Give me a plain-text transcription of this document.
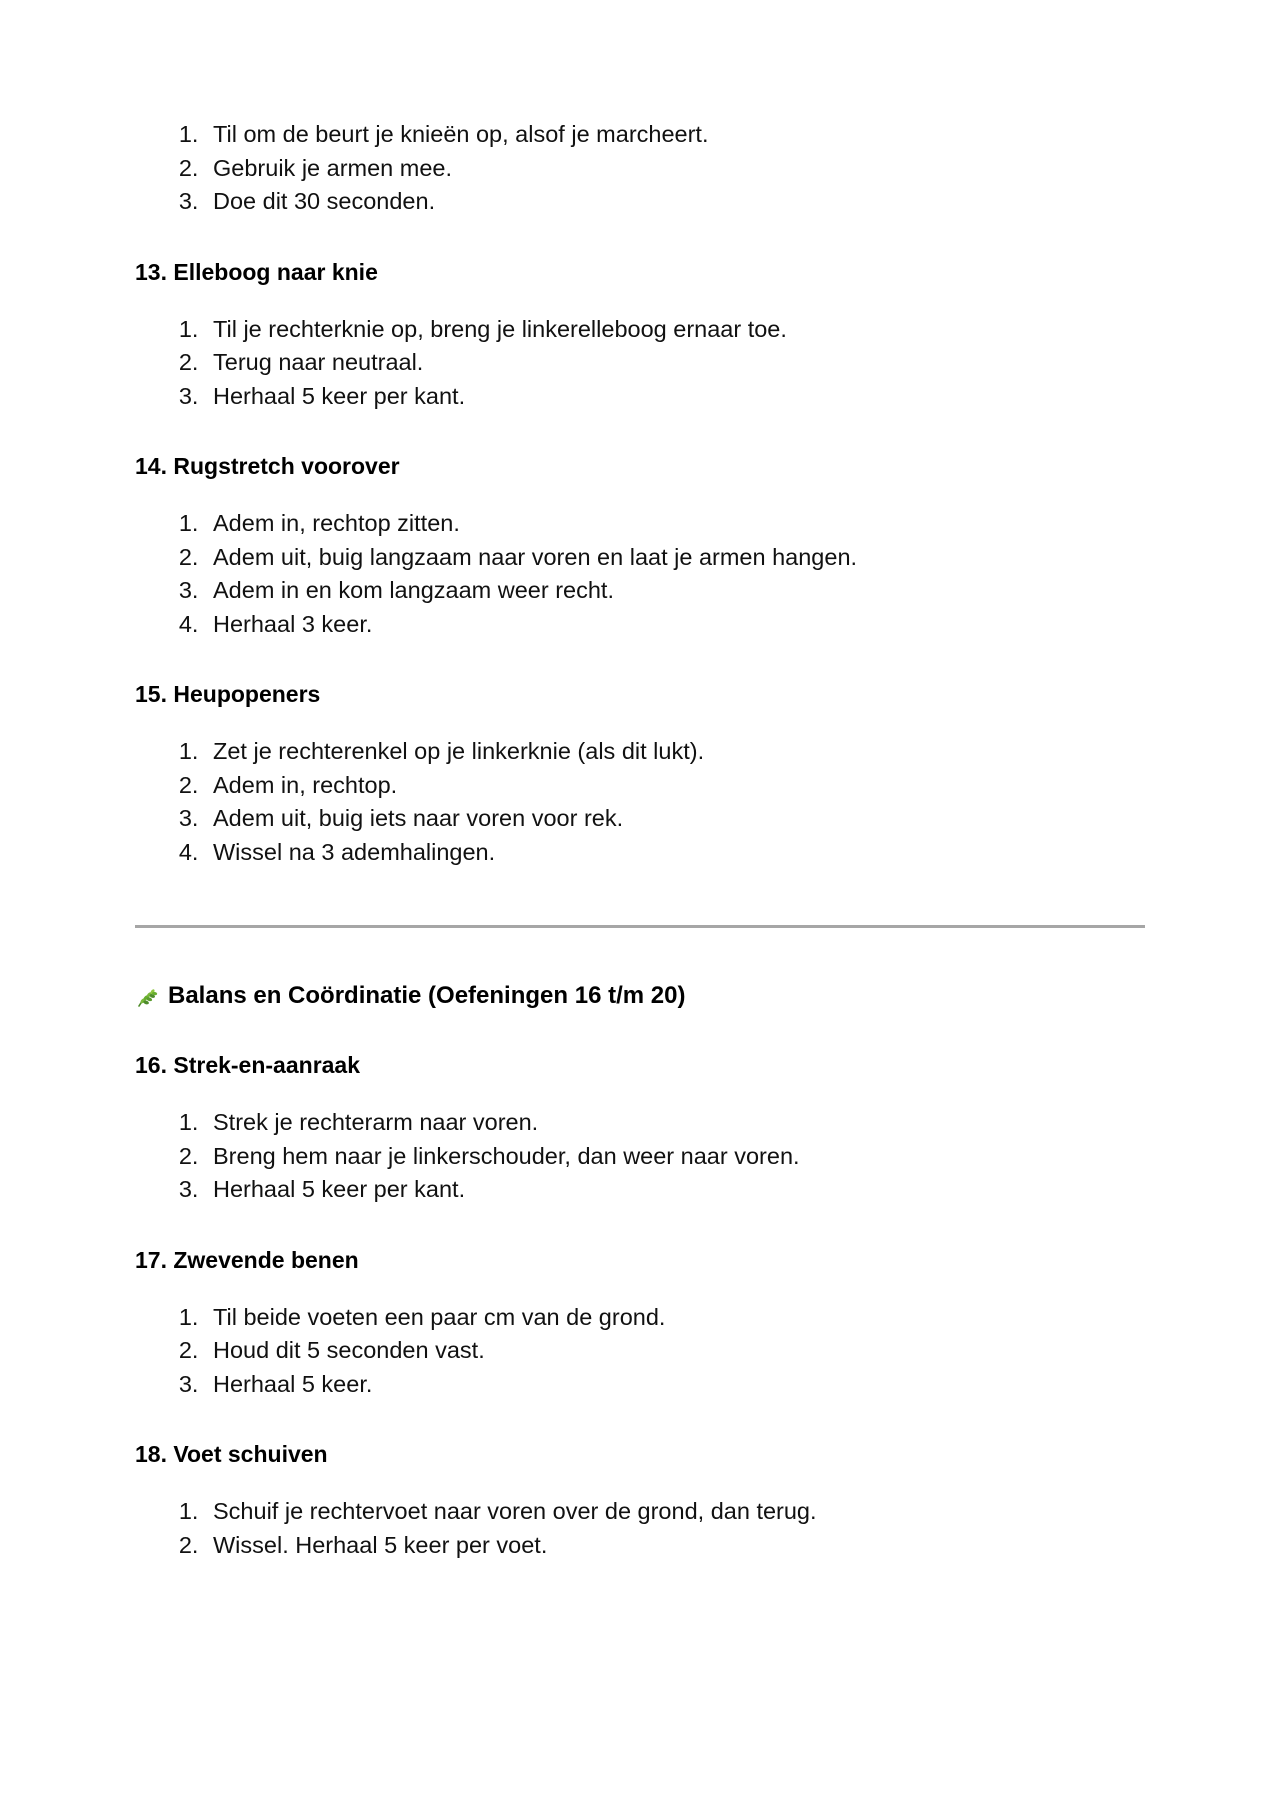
1. Til om de beurt je knieën op, alsof je marcheert.
2. Gebruik je armen mee.
3. Doe dit 30 seconden.
13. Elleboog naar knie
1. Til je rechterknie op, breng je linkerelleboog ernaar toe.
2. Terug naar neutraal.
3. Herhaal 5 keer per kant.
14. Rugstretch voorover
1. Adem in, rechtop zitten.
2. Adem uit, buig langzaam naar voren en laat je armen hangen.
3. Adem in en kom langzaam weer recht.
4. Herhaal 3 keer.
15. Heupopeners
1. Zet je rechterenkel op je linkerknie (als dit lukt).
2. Adem in, rechtop.
3. Adem uit, buig iets naar voren voor rek.
4. Wissel na 3 ademhalingen.
Balans en Coördinatie (Oefeningen 16 t/m 20)
16. Strek-en-aanraak
1. Strek je rechterarm naar voren.
2. Breng hem naar je linkerschouder, dan weer naar voren.
3. Herhaal 5 keer per kant.
17. Zwevende benen
1. Til beide voeten een paar cm van de grond.
2. Houd dit 5 seconden vast.
3. Herhaal 5 keer.
18. Voet schuiven
1. Schuif je rechtervoet naar voren over de grond, dan terug.
2. Wissel. Herhaal 5 keer per voet.
